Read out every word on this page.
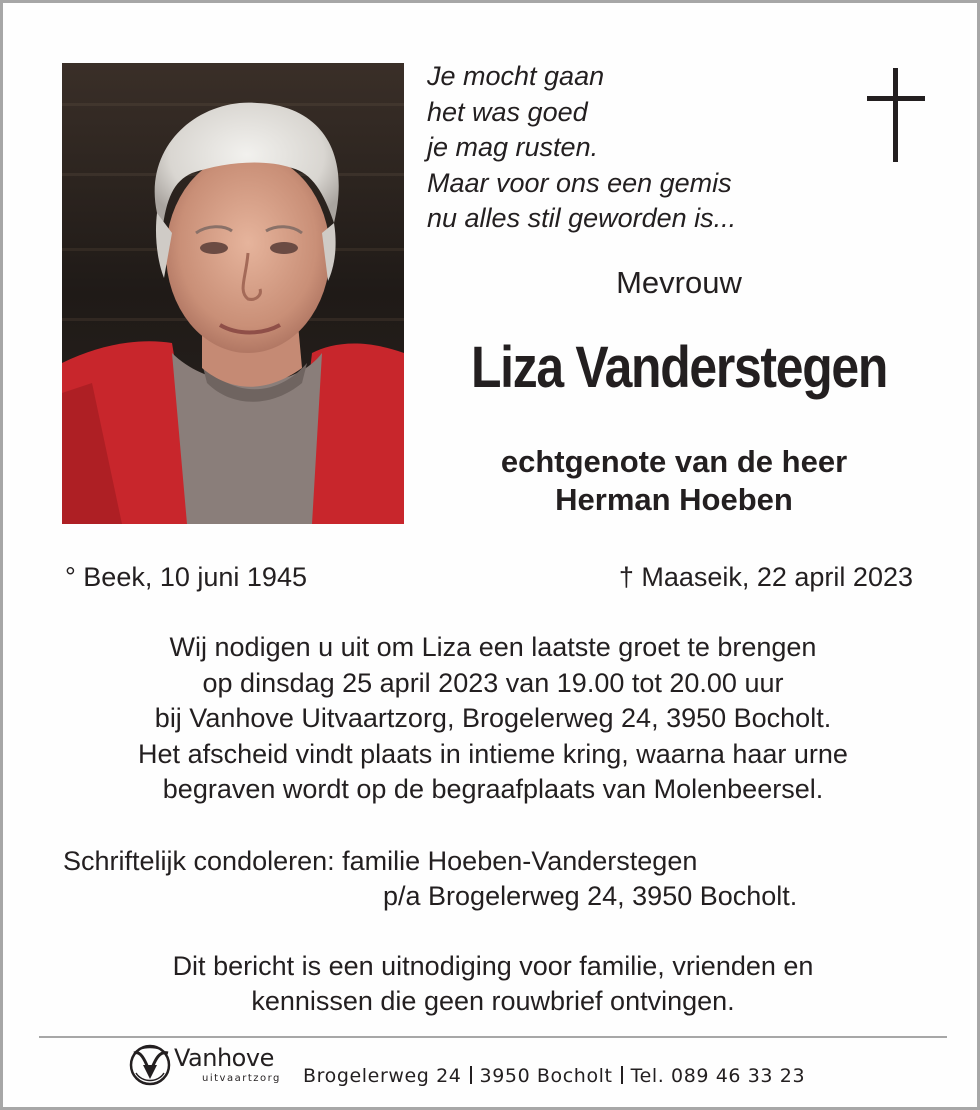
Je mocht gaan
het was goed
je mag rusten.
Maar voor ons een gemis
nu alles stil geworden is...
Mevrouw
Liza Vanderstegen
echtgenote van de heer
Herman Hoeben
° Beek, 10 juni 1945	† Maaseik, 22 april 2023
Wij nodigen u uit om Liza een laatste groet te brengen
op dinsdag 25 april 2023 van 19.00 tot 20.00 uur
bij Vanhove Uitvaartzorg, Brogelerweg 24, 3950 Bocholt.
Het afscheid vindt plaats in intieme kring, waarna haar urne
begraven wordt op de begraafplaats van Molenbeersel.
Schriftelijk condoleren: familie Hoeben-Vanderstegen
p/a Brogelerweg 24, 3950 Bocholt.
Dit bericht is een uitnodiging voor familie, vrienden en
kennissen die geen rouwbrief ontvingen.
Vanhove
uitvaartzorg Brogelerweg 24 3950 Bocholt Tel. 089 46 33 23
